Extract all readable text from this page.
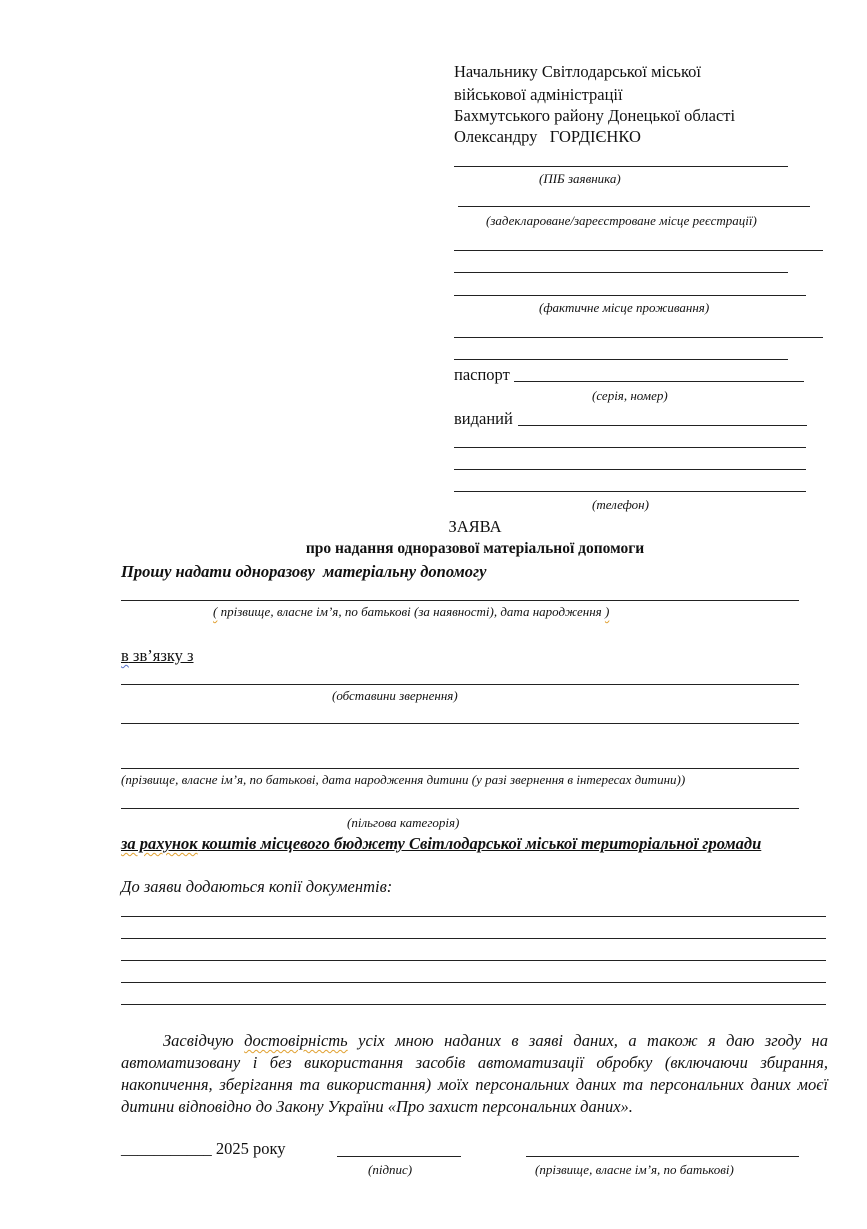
Начальнику Світлодарської міської
військової адміністрації
Бахмутського району Донецької області
Олександру   ГОРДІЄНКО
(ПІБ заявника)
(задекларoване/зареєстроване місце реєстрації)
(фактичне місце проживання)
паспорт
(серія, номер)
виданий
(телефон)
ЗАЯВА
про надання одноразової матеріальної допомоги
Прошу надати одноразову  матеріальну допомогу
( прізвище, власне ім’я, по батькові (за наявності), дата народження )
в зв’язку з
(обставини звернення)
(прізвище, власне ім’я, по батькові, дата народження дитини (у разі звернення в інтересах дитини))
(пільгова категорія)
за рахунок коштів місцевого бюджету Світлодарської міської територіальної громади
До заяви додаються копії документів:
Засвідчую достовірність усіх мною наданих в заяві даних, а також я даю згоду на автоматизовану і без використання засобів автоматизації обробку (включаючи збирання, накопичення, зберігання та використання) моїх персональних даних та персональних даних моєї дитини відповідно до Закону України «Про захист персональних даних».
___________ 2025 року
(підпис)	(прізвище, власне ім’я, по батькові)
